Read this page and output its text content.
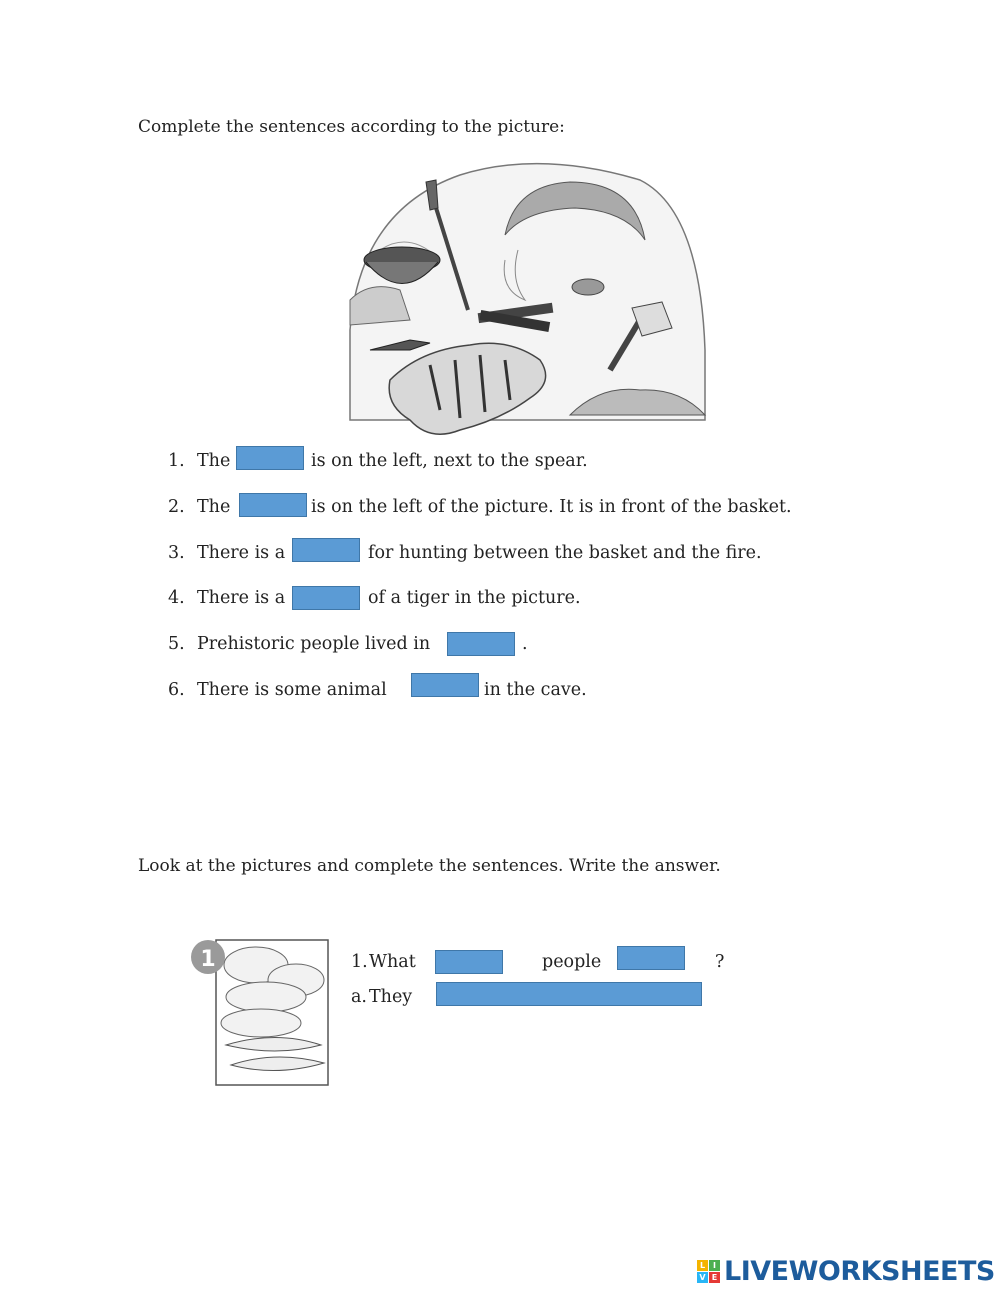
Complete the sentences according to the picture:
1. The	is on the left, next to the spear.
2. The	is on the left of the picture. It is in front of the basket.
3. There is a	for hunting between the basket and the fire.
4. There is a	of a tiger in the picture.
5. Prehistoric people lived in	.
6. There is some animal	in the cave.
Look at the pictures and complete the sentences. Write the answer.
1	1. What	people	?
a. They
L I
V E LIVEWORKSHEETS
